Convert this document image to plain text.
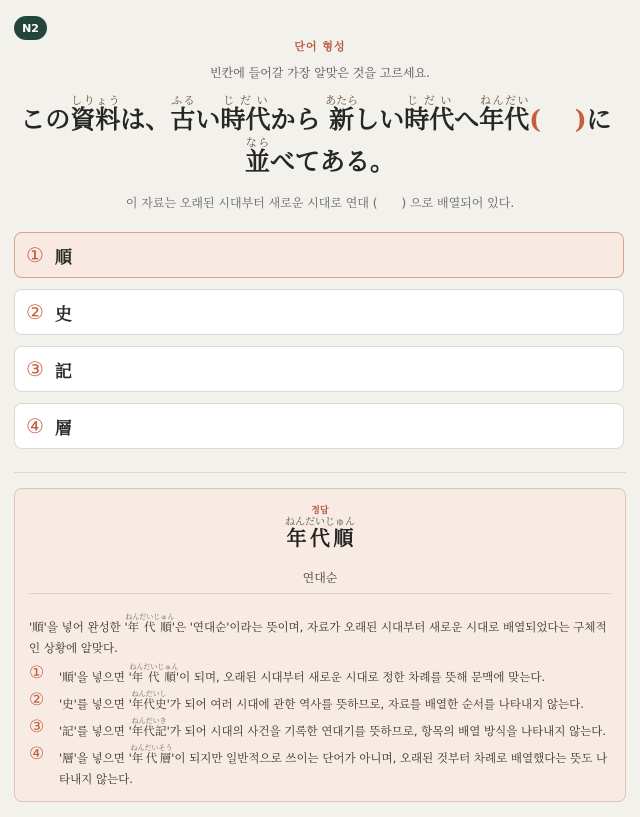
N2
단어 형성
빈칸에 들어갈 가장 알맞은 것을 고르세요.
この資料しりょうは、古ふるい時代じだいから 新あたらしい時代じだいへ年代ねんだい(　 )に並ならべてある。
이 자료는 오래된 시대부터 새로운 시대로 연대 (　　) 으로 배열되어 있다.
① 順
② 史
③ 記
④ 層
정답
年代順ねんだいじゅん
연대순
'順'을 넣어 완성한 '年代順ねんだいじゅん'은 '연대순'이라는 뜻이며, 자료가 오래된 시대부터 새로운 시대로 배열되었다는 구체적인 상황에 알맞다.
①	'順'을 넣으면 '年代順ねんだいじゅん'이 되며, 오래된 시대부터 새로운 시대로 정한 차례를 뜻해 문맥에 맞는다.
②	'史'를 넣으면 '年代史ねんだいし'가 되어 여러 시대에 관한 역사를 뜻하므로, 자료를 배열한 순서를 나타내지 않는다.
③	'記'를 넣으면 '年代記ねんだいき'가 되어 시대의 사건을 기록한 연대기를 뜻하므로, 항목의 배열 방식을 나타내지 않는다.
④	'層'을 넣으면 '年代層ねんだいそう'이 되지만 일반적으로 쓰이는 단어가 아니며, 오래된 것부터 차례로 배열했다는 뜻도 나타내지 않는다.
